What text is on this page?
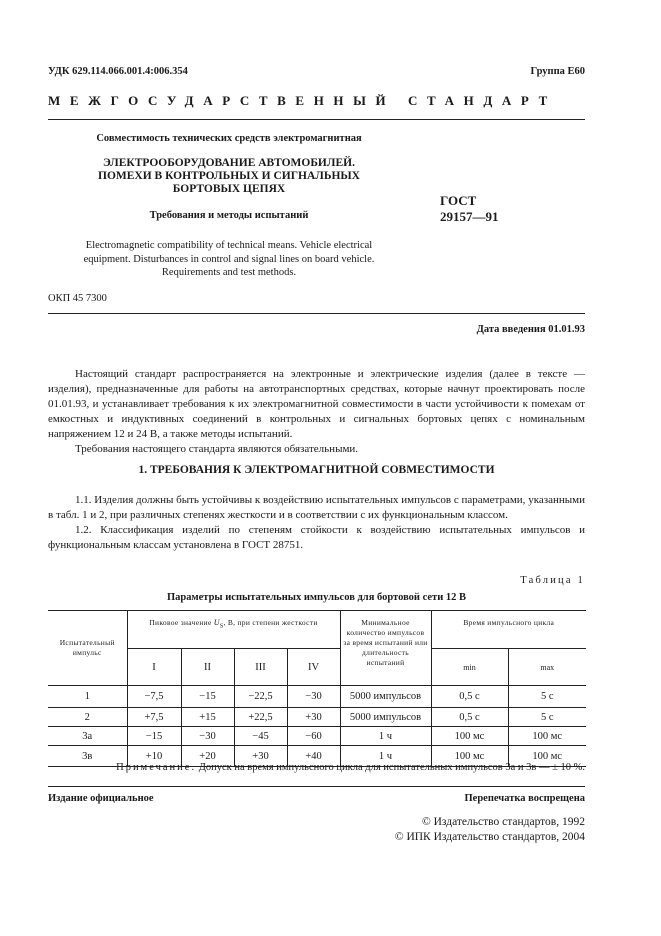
УДК 629.114.066.001.4:006.354	Группа Е60
МЕЖГОСУДАРСТВЕННЫЙ СТАНДАРТ
Совместимость технических средств электромагнитная
ЭЛЕКТРООБОРУДОВАНИЕ АВТОМОБИЛЕЙ.
ПОМЕХИ В КОНТРОЛЬНЫХ И СИГНАЛЬНЫХ
БОРТОВЫХ ЦЕПЯХ
Требования и методы испытаний
ГОСТ
29157—91
Electromagnetic compatibility of technical means. Vehicle electrical
equipment. Disturbances in control and signal lines on board vehicle.
Requirements and test methods.
ОКП 45 7300
Дата введения 01.01.93

Настоящий стандарт распространяется на электронные и электрические изделия (далее в тексте — изделия), предназначенные для работы на автотранспортных средствах, которые начнут проектировать после 01.01.93, и устанавливает требования к их электромагнитной совместимости в части устойчивости к помехам от емкостных и индуктивных соединений в контрольных и сигнальных бортовых цепях с номинальным напряжением 12 и 24 В, а также методы испытаний.

Требования настоящего стандарта являются обязательными.

1. ТРЕБОВАНИЯ К ЭЛЕКТРОМАГНИТНОЙ СОВМЕСТИМОСТИ

1.1. Изделия должны быть устойчивы к воздействию испытательных импульсов с параметрами, указанными в табл. 1 и 2, при различных степенях жесткости и в соответствии с их функциональным классом.

1.2. Классификация изделий по степеням стойкости к воздействию испытательных импульсов и функциональным классам установлена в ГОСТ 28751.

Таблица 1
Параметры испытательных импульсов для бортовой сети 12 В
Испытательный импульс	Пиковое значение $U_S$, В, при степени жесткости				Минимальное количество импульсов за время испытаний или длительность испытаний	Время импульсного цикла	
	I	II	III	IV		min	max
1	−7,5	−15	−22,5	−30	5000 импульсов	0,5 с	5 с
2	+7,5	+15	+22,5	+30	5000 импульсов	0,5 с	5 с
3а	−15	−30	−45	−60	1 ч	100 мс	100 мс
3в	+10	+20	+30	+40	1 ч	100 мс	100 мс
Примечание. Допуск на время импульсного цикла для испытательных импульсов 3а и 3в — ± 10 %.
Издание официальное	Перепечатка воспрещена
© Издательство стандартов, 1992
© ИПК Издательство стандартов, 2004
